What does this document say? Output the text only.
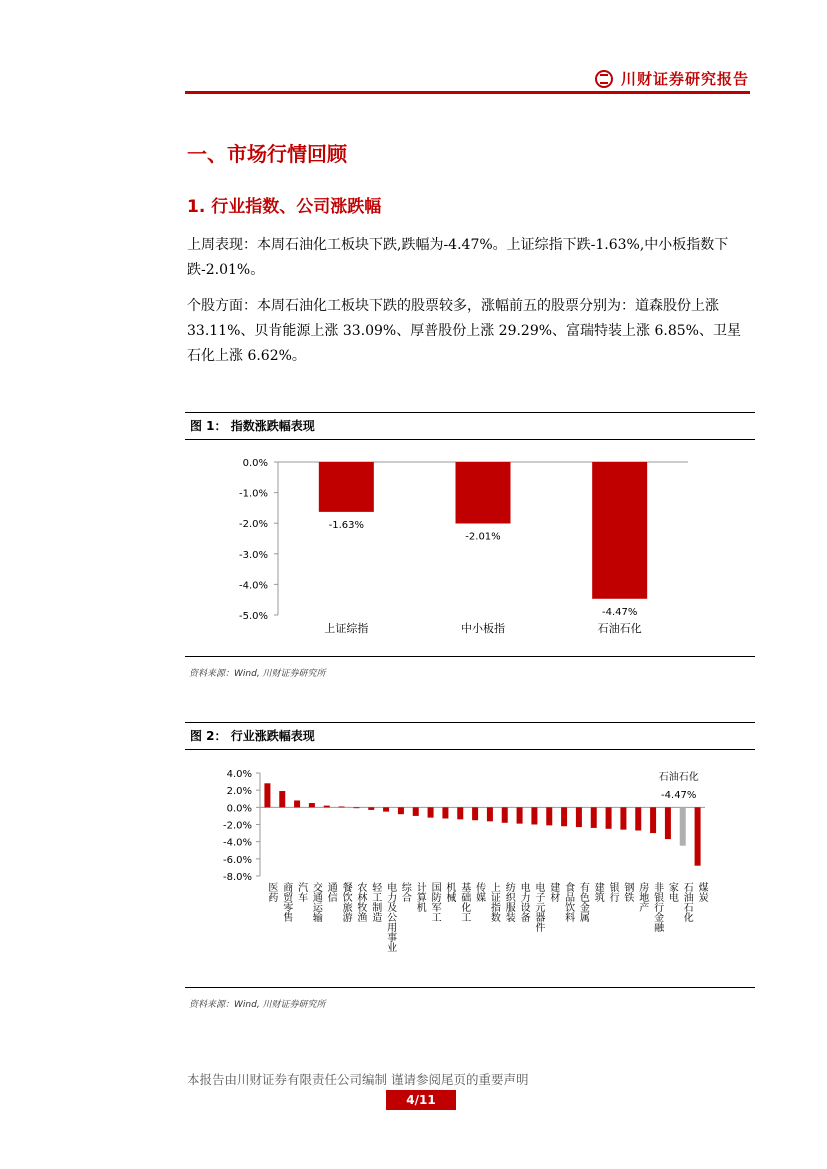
川财证券研究报告
一、市场行情回顾
1. 行业指数、公司涨跌幅
上周表现：本周石油化工板块下跌,跌幅为-4.47%。上证综指下跌-1.63%,中小板指数下跌-2.01%。
个股方面：本周石油化工板块下跌的股票较多，涨幅前五的股票分别为：道森股份上涨 33.11%、贝肯能源上涨 33.09%、厚普股份上涨 29.29%、富瑞特装上涨 6.85%、卫星石化上涨 6.62%。
图 1： 指数涨跌幅表现
0.0%
-1.0%
-2.0%
-3.0%
-4.0%
-5.0%
-1.63%
上证综指
-2.01%
中小板指
-4.47%
石油石化
资料来源：Wind, 川财证券研究所
图 2： 行业涨跌幅表现
4.0%
2.0%
0.0%
-2.0%
-4.0%
-6.0%
-8.0%
医药 商贸零售 汽车 交通运输 通信 餐饮旅游 农林牧渔 轻工制造 电力及公用事业 综合 计算机 国防军工 机械 基础化工 传媒 上证指数 纺织服装 电力设备 电子元器件 建材 食品饮料 有色金属 建筑 银行 钢铁 房地产 非银行金融 家电 石油石化 煤炭
石油石化
-4.47%
资料来源：Wind, 川财证券研究所
本报告由川财证券有限责任公司编制 谨请参阅尾页的重要声明
4/11
